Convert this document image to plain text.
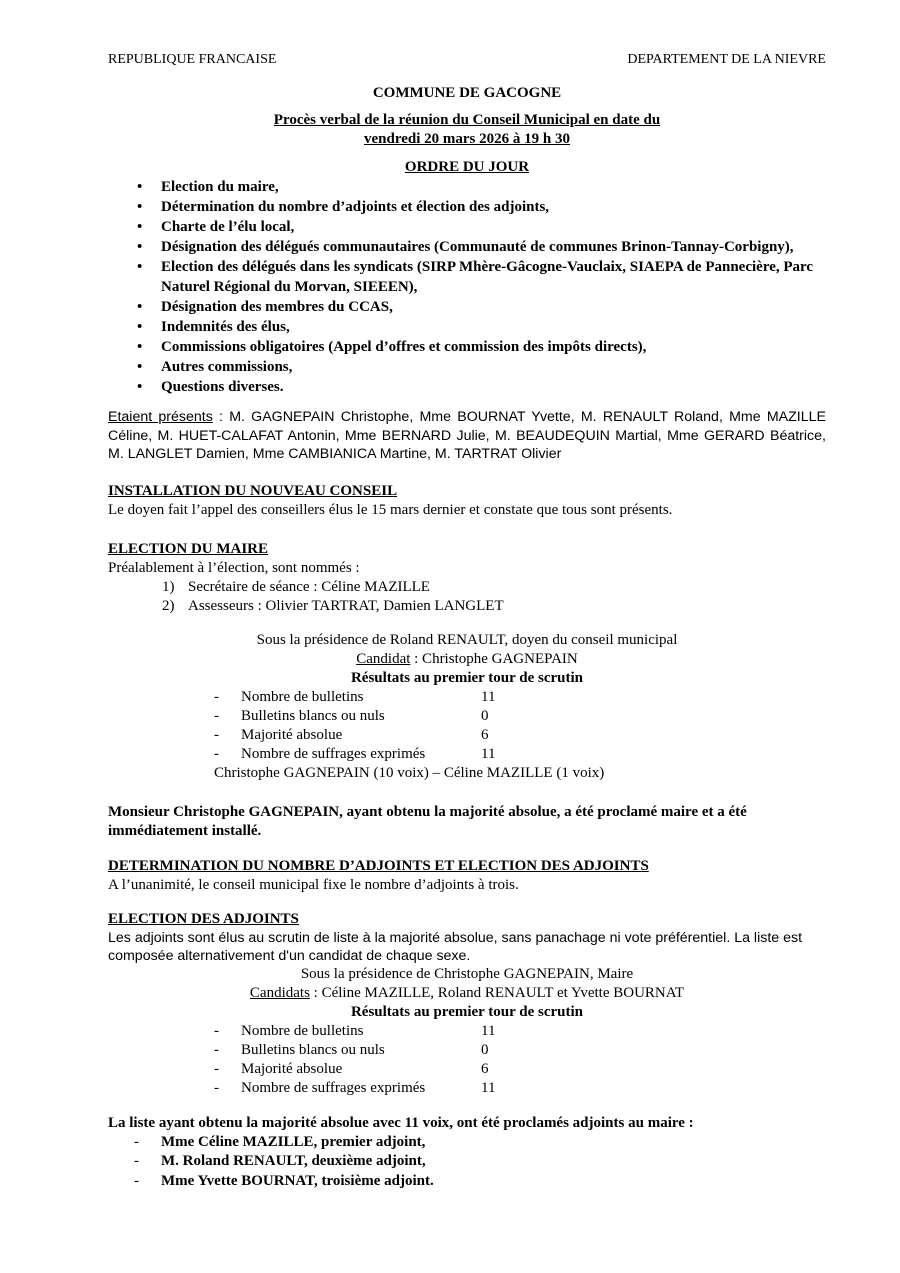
REPUBLIQUE FRANCAISE	DEPARTEMENT DE LA NIEVRE
COMMUNE DE GACOGNE
Procès verbal de la réunion du Conseil Municipal en date du
vendredi 20 mars 2026 à 19 h 30
ORDRE DU JOUR
• Election du maire,
• Détermination du nombre d’adjoints et élection des adjoints,
• Charte de l’élu local,
• Désignation des délégués communautaires (Communauté de communes Brinon-Tannay-Corbigny),
• Election des délégués dans les syndicats (SIRP Mhère-Gâcogne-Vauclaix, SIAEPA de Pannecière, Parc Naturel Régional du Morvan, SIEEEN),
• Désignation des membres du CCAS,
• Indemnités des élus,
• Commissions obligatoires (Appel d’offres et commission des impôts directs),
• Autres commissions,
• Questions diverses.
Etaient présents : M. GAGNEPAIN Christophe, Mme BOURNAT Yvette, M. RENAULT Roland, Mme MAZILLE Céline, M. HUET-CALAFAT Antonin, Mme BERNARD Julie, M. BEAUDEQUIN Martial, Mme GERARD Béatrice, M. LANGLET Damien, Mme CAMBIANICA Martine, M. TARTRAT Olivier
INSTALLATION DU NOUVEAU CONSEIL
Le doyen fait l’appel des conseillers élus le 15 mars dernier et constate que tous sont présents.
ELECTION DU MAIRE
Préalablement à l’élection, sont nommés :
1) Secrétaire de séance : Céline MAZILLE
2) Assesseurs : Olivier TARTRAT, Damien LANGLET
Sous la présidence de Roland RENAULT, doyen du conseil municipal
Candidat : Christophe GAGNEPAIN
Résultats au premier tour de scrutin
- Nombre de bulletins	11
- Bulletins blancs ou nuls	0
- Majorité absolue	6
- Nombre de suffrages exprimés	11
Christophe GAGNEPAIN (10 voix) – Céline MAZILLE (1 voix)
Monsieur Christophe GAGNEPAIN, ayant obtenu la majorité absolue, a été proclamé maire et a été immédiatement installé.
DETERMINATION DU NOMBRE D’ADJOINTS ET ELECTION DES ADJOINTS
A l’unanimité, le conseil municipal fixe le nombre d’adjoints à trois.
ELECTION DES ADJOINTS
Les adjoints sont élus au scrutin de liste à la majorité absolue, sans panachage ni vote préférentiel. La liste est composée alternativement d'un candidat de chaque sexe.
Sous la présidence de Christophe GAGNEPAIN, Maire
Candidats : Céline MAZILLE, Roland RENAULT et Yvette BOURNAT
Résultats au premier tour de scrutin
- Nombre de bulletins	11
- Bulletins blancs ou nuls	0
- Majorité absolue	6
- Nombre de suffrages exprimés	11
La liste ayant obtenu la majorité absolue avec 11 voix, ont été proclamés adjoints au maire :
- Mme Céline MAZILLE, premier adjoint,
- M. Roland RENAULT, deuxième adjoint,
- Mme Yvette BOURNAT, troisième adjoint.
